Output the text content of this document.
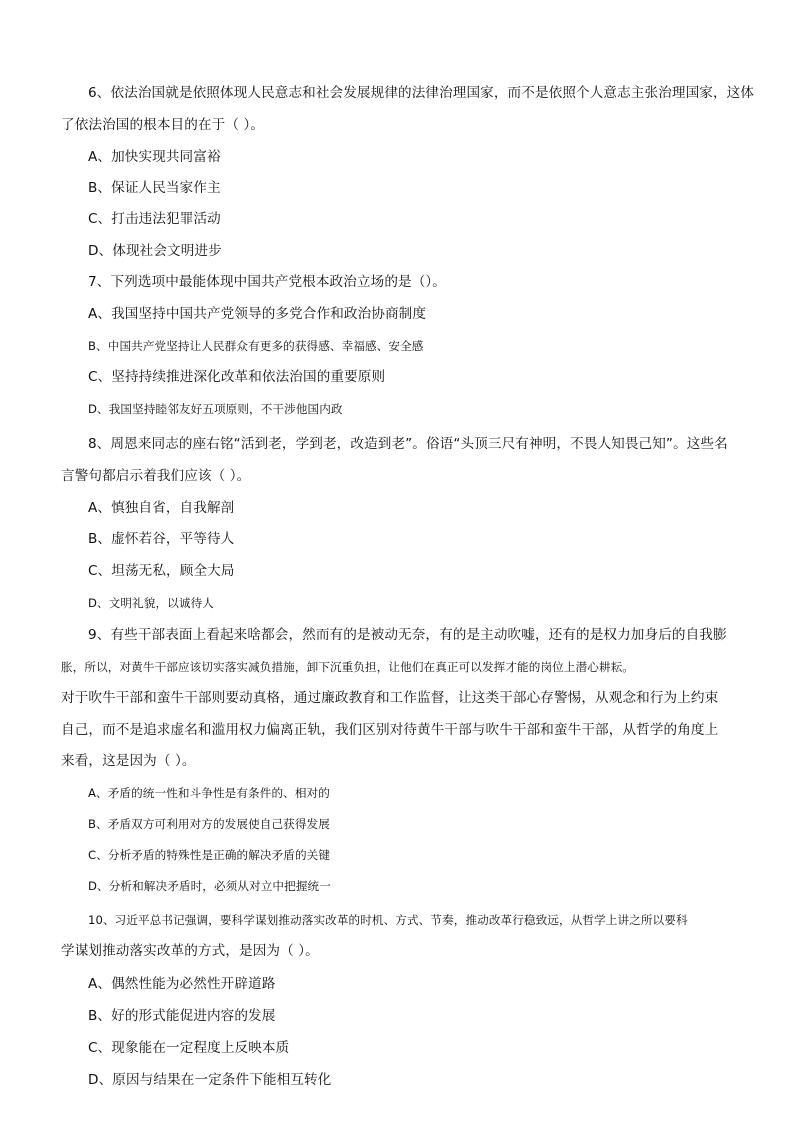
6、依法治国就是依照体现人民意志和社会发展规律的法律治理国家，而不是依照个人意志主张治理国家， 这体
了依法治国的根本目的在于（ ）。
A、加快实现共同富裕
B、保证人民当家作主
C、打击违法犯罪活动
D、体现社会文明进步
7、下列选项中最能体现中国共产党根本政治立场的是（）。
A、我国坚持中国共产党领导的多党合作和政治协商制度
B、中国共产党坚持让人民群众有更多的获得感、幸福感、安全感
C、坚持持续推进深化改革和依法治国的重要原则
D、我国坚持睦邻友好五项原则，不干涉他国内政
8、周恩来同志的座右铭“活到老，学到老，改造到老”。俗语“头顶三尺有神明，不畏人知畏己知”。这些名
言警句都启示着我们应该（ ）。
A、慎独自省，自我解剖
B、虚怀若谷，平等待人
C、坦荡无私，顾全大局
D、文明礼貌，以诚待人
9、有些干部表面上看起来啥都会，然而有的是被动无奈，有的是主动吹嘘，还有的是权力加身后的自我膨
胀，所以，对黄牛干部应该切实落实减负措施，卸下沉重负担，让他们在真正可以发挥才能的岗位上潜心耕耘。
对于吹牛干部和蛮牛干部则要动真格，通过廉政教育和工作监督，让这类干部心存警惕，从观念和行为上约束
自己，而不是追求虚名和滥用权力偏离正轨，我们区别对待黄牛干部与吹牛干部和蛮牛干部，从哲学的角度上
来看，这是因为（ ）。
A、矛盾的统一性和斗争性是有条件的、相对的
B、矛盾双方可利用对方的发展使自己获得发展
C、分析矛盾的特殊性是正确的解决矛盾的关键
D、分析和解决矛盾时，必须从对立中把握统一
10、习近平总书记强调，要科学谋划推动落实改革的时机、方式、节奏，推动改革行稳致远，从哲学上讲之所以要科
学谋划推动落实改革的方式，是因为（ ）。
A、偶然性能为必然性开辟道路
B、好的形式能促进内容的发展
C、现象能在一定程度上反映本质
D、原因与结果在一定条件下能相互转化
